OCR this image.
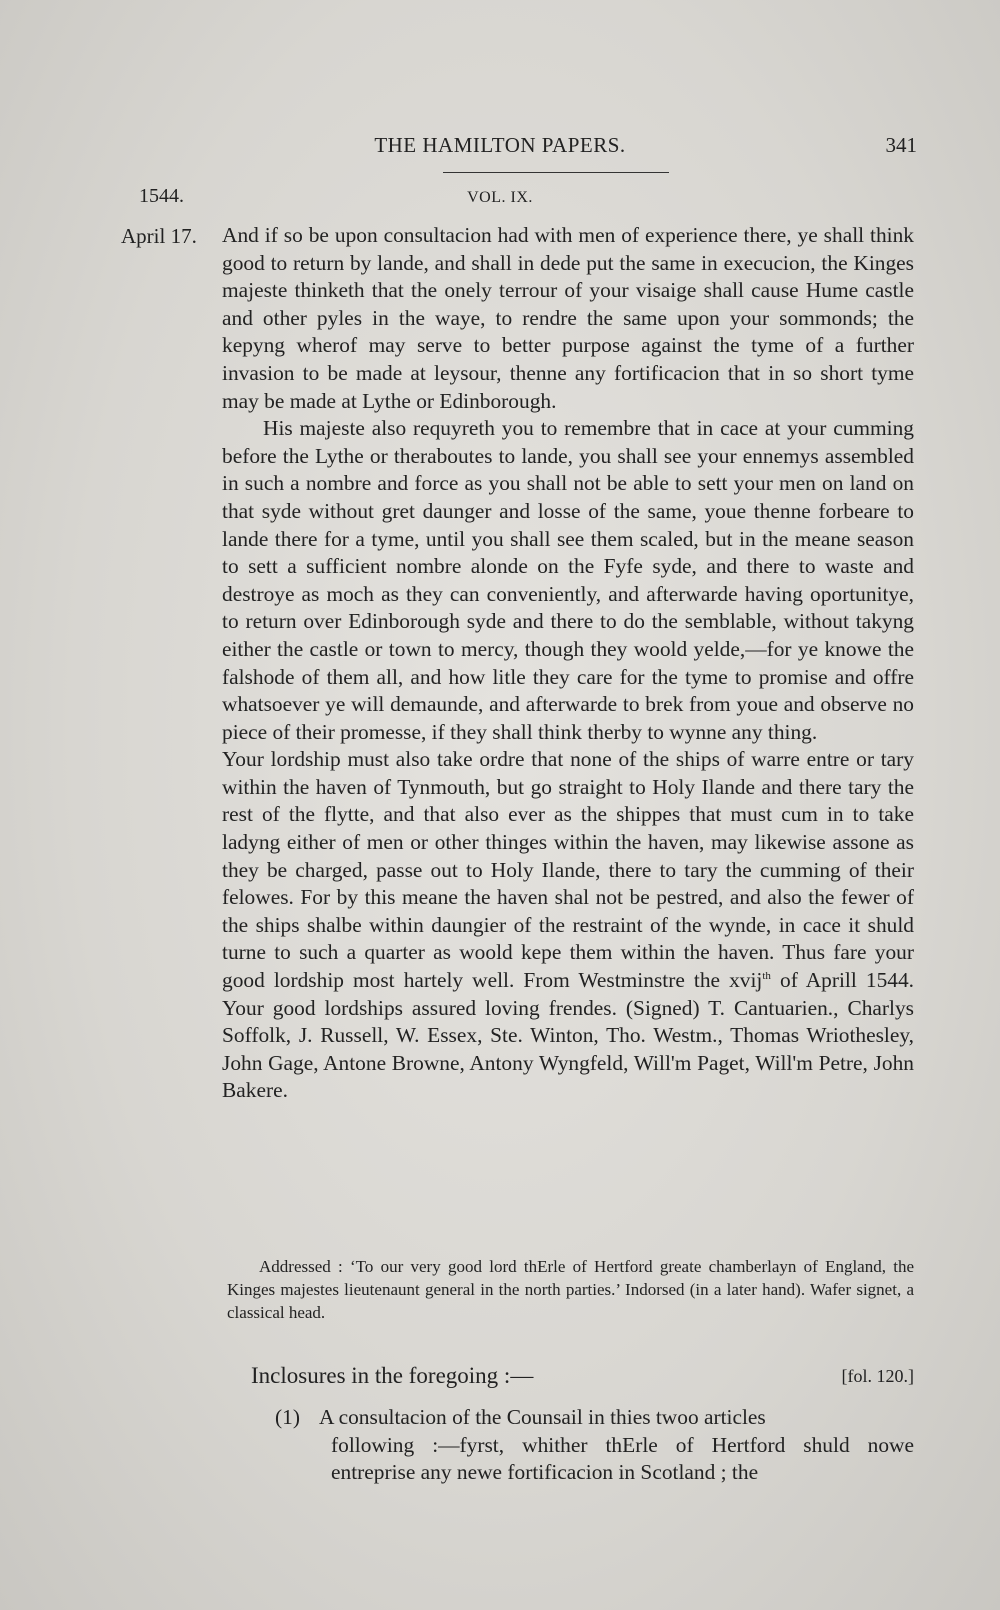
THE HAMILTON PAPERS.	341
1544.	VOL. IX.
April 17. And if so be upon consultacion had with men of experience there, ye shall think good to return by lande, and shall in dede put the same in execucion, the Kinges majeste thinketh that the onely terrour of your visaige shall cause Hume castle and other pyles in the waye, to rendre the same upon your sommonds; the kepyng wherof may serve to better purpose against the tyme of a further invasion to be made at leysour, thenne any fortificacion that in so short tyme may be made at Lythe or Edinborough.

His majeste also requyreth you to remembre that in cace at your cumming before the Lythe or theraboutes to lande, you shall see your ennemys assembled in such a nombre and force as you shall not be able to sett your men on land on that syde without gret daunger and losse of the same, youe thenne forbeare to lande there for a tyme, until you shall see them scaled, but in the meane season to sett a sufficient nombre alonde on the Fyfe syde, and there to waste and destroye as moch as they can conveniently, and afterwarde having oportunitye, to return over Edinborough syde and there to do the semblable, without takyng either the castle or town to mercy, though they woold yelde,—for ye knowe the falshode of them all, and how litle they care for the tyme to promise and offre whatsoever ye will demaunde, and afterwarde to brek from youe and observe no piece of their promesse, if they shall think therby to wynne any thing.

Your lordship must also take ordre that none of the ships of warre entre or tary within the haven of Tynmouth, but go straight to Holy Ilande and there tary the rest of the flytte, and that also ever as the shippes that must cum in to take ladyng either of men or other thinges within the haven, may likewise assone as they be charged, passe out to Holy Ilande, there to tary the cumming of their felowes. For by this meane the haven shal not be pestred, and also the fewer of the ships shalbe within daungier of the restraint of the wynde, in cace it shuld turne to such a quarter as woold kepe them within the haven. Thus fare your good lordship most hartely well. From Westminstre the xvij$^{th}$ of Aprill 1544. Your good lordships assured loving frendes. (Signed) T. Cantuarien., Charlys Soffolk, J. Russell, W. Essex, Ste. Winton, Tho. Westm., Thomas Wriothesley, John Gage, Antone Browne, Antony Wyngfeld, Will'm Paget, Will'm Petre, John Bakere.

Addressed : ‘To our very good lord thErle of Hertford greate chamberlayn of England, the Kinges majestes lieutenaunt general in the north parties.’ Indorsed (in a later hand). Wafer signet, a classical head.
Inclosures in the foregoing :—	[fol. 120.]
(1) A consultacion of the Counsail in thies twoo articles
following :—fyrst, whither thErle of Hertford shuld nowe entreprise any newe fortificacion in Scotland ; the
